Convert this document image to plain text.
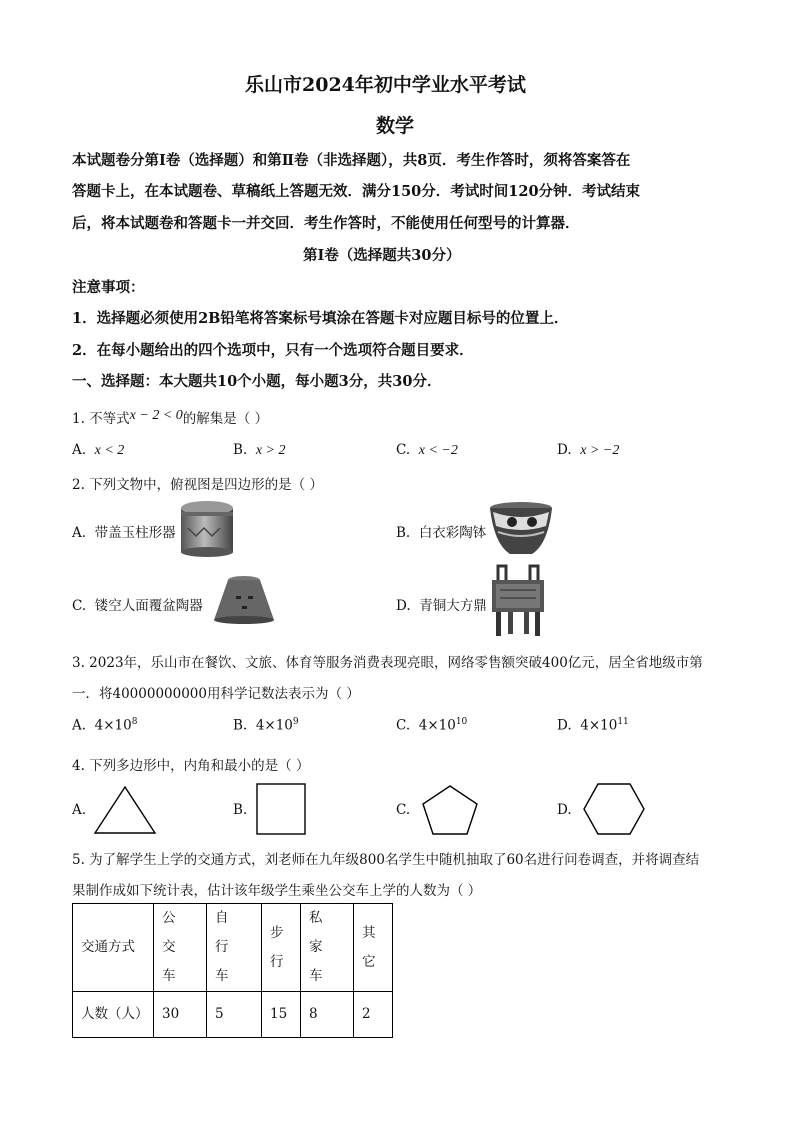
乐山市2024年初中学业水平考试
数学
本试题卷分第Ⅰ卷（选择题）和第Ⅱ卷（非选择题），共8页．考生作答时，须将答案答在
答题卡上，在本试题卷、草稿纸上答题无效．满分150分．考试时间120分钟．考试结束
后，将本试题卷和答题卡一并交回．考生作答时，不能使用任何型号的计算器．
第Ⅰ卷（选择题共30分）
注意事项：
1．选择题必须使用2B铅笔将答案标号填涂在答题卡对应题目标号的位置上．
2．在每小题给出的四个选项中，只有一个选项符合题目要求．
一、选择题：本大题共10个小题，每小题3分，共30分．
1. 不等式x − 2 < 0的解集是（ ）
A. x < 2	B. x > 2	C. x < −2	D. x > −2
2. 下列文物中，俯视图是四边形的是（ ）
A. 带盖玉柱形器	B. 白衣彩陶钵
C. 镂空人面覆盆陶器	D. 青铜大方鼎
3. 2023年，乐山市在餐饮、文旅、体育等服务消费表现亮眼，网络零售额突破400亿元，居全省地级市第
一．将40000000000用科学记数法表示为（ ）
A. $4\times 10^8$	B. $4\times 10^9$	C. $4\times 10^{10}$	D. $4\times 10^{11}$
4. 下列多边形中，内角和最小的是（ ）
A.	B.	C.	D.
5. 为了解学生上学的交通方式，刘老师在九年级800名学生中随机抽取了60名进行问卷调查，并将调查结
果制作成如下统计表，估计该年级学生乘坐公交车上学的人数为（ ）
交通方式	公交车	自行车	步行	私家车	其它

人数（人）	30	5	15	8	2
